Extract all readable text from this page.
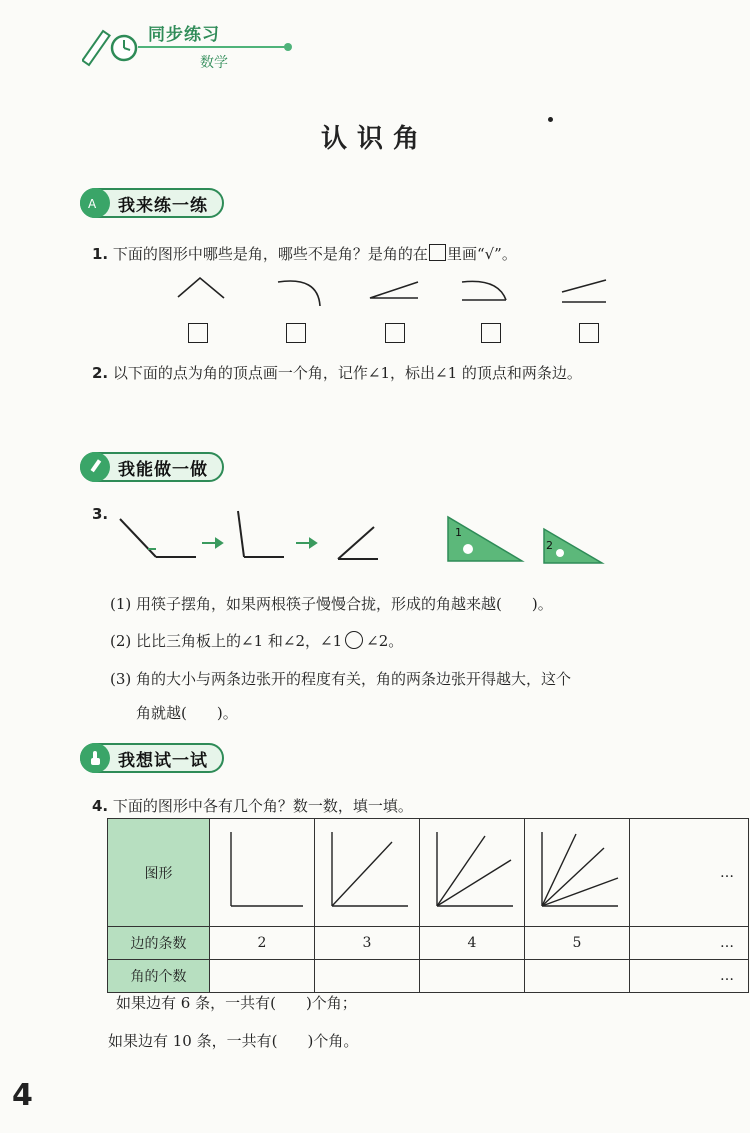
同步练习
数学
认识角
A 我来练一练
1. 下面的图形中哪些是角，哪些不是角？是角的在 里画“√”。
2. 以下面的点为角的顶点画一个角，记作∠1，标出∠1 的顶点和两条边。
我能做一做
3.
1
2
(1) 用筷子摆角，如果两根筷子慢慢合拢，形成的角越来越( )。
(2) 比比三角板上的∠1 和∠2，∠1 ∠2。
(3) 角的大小与两条边张开的程度有关，角的两条边张开得越大，这个
角就越( )。
我想试一试
4. 下面的图形中各有几个角？数一数，填一填。
图形					…
边的条数	2	3	4	5	…
角的个数					…
如果边有 6 条，一共有( )个角；
如果边有 10 条，一共有( )个角。
4
